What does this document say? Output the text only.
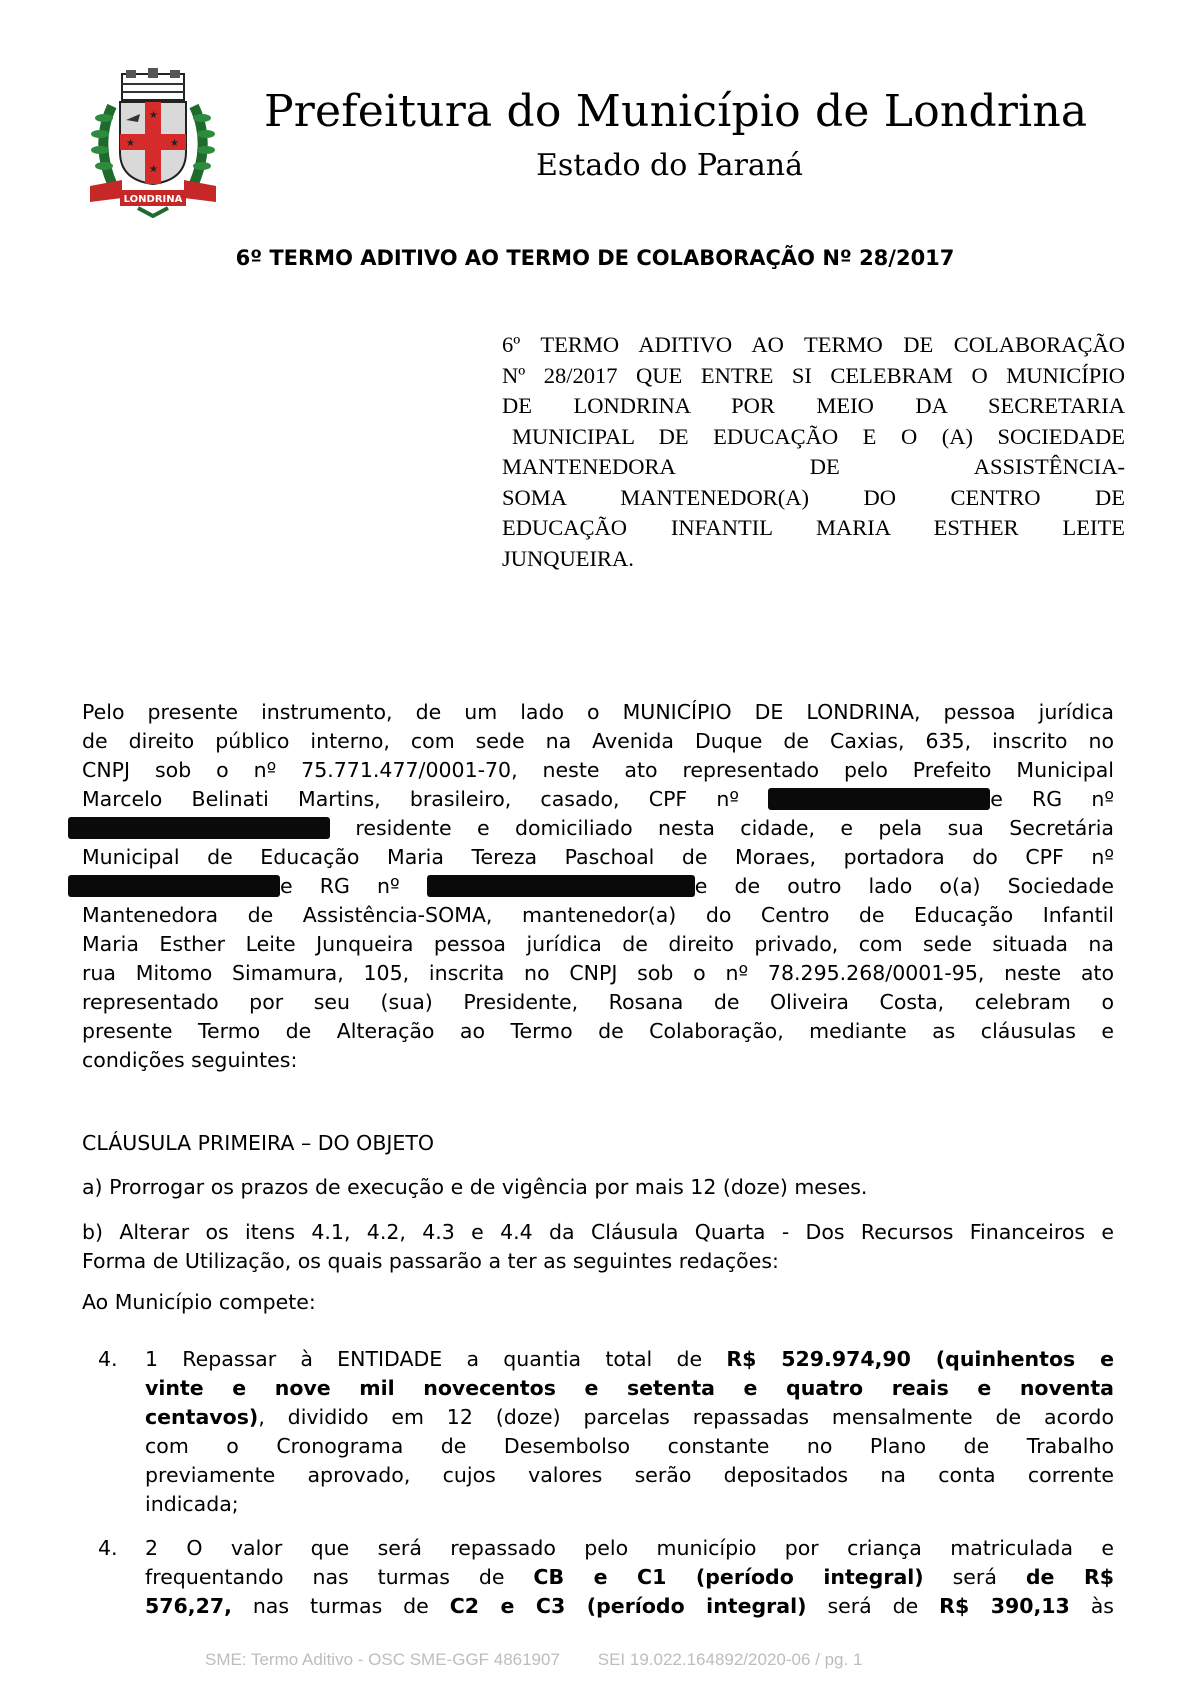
★
★	★
★
LONDRINA
Prefeitura do Município de Londrina
Estado do Paraná
6º TERMO ADITIVO AO TERMO DE COLABORAÇÃO Nº 28/2017
6º TERMO ADITIVO AO TERMO DE COLABORAÇÃO
Nº 28/2017 QUE ENTRE SI CELEBRAM O MUNICÍPIO
DE LONDRINA POR MEIO DA SECRETARIA
MUNICIPAL DE EDUCAÇÃO E O (A) SOCIEDADE
MANTENEDORA DE ASSISTÊNCIA-
SOMA MANTENEDOR(A) DO CENTRO DE
EDUCAÇÃO INFANTIL MARIA ESTHER LEITE
JUNQUEIRA.
Pelo presente instrumento, de um lado o MUNICÍPIO DE LONDRINA, pessoa jurídica
de direito público interno, com sede na Avenida Duque de Caxias, 635, inscrito no
CNPJ sob o nº 75.771.477/0001-70, neste ato representado pelo Prefeito Municipal
Marcelo Belinati Martins, brasileiro, casado, CPF nº	e RG nº
residente e domiciliado nesta cidade, e pela sua Secretária
Municipal de Educação Maria Tereza Paschoal de Moraes, portadora do CPF nº
e RG nº	e de outro lado o(a) Sociedade
Mantenedora de Assistência-SOMA, mantenedor(a) do Centro de Educação Infantil
Maria Esther Leite Junqueira pessoa jurídica de direito privado, com sede situada na
rua Mitomo Simamura, 105, inscrita no CNPJ sob o nº 78.295.268/0001-95, neste ato
representado por seu (sua) Presidente, Rosana de Oliveira Costa, celebram o
presente Termo de Alteração ao Termo de Colaboração, mediante as cláusulas e
condições seguintes:
CLÁUSULA PRIMEIRA – DO OBJETO
a) Prorrogar os prazos de execução e de vigência por mais 12 (doze) meses.
b) Alterar os itens 4.1, 4.2, 4.3 e 4.4 da Cláusula Quarta - Dos Recursos Financeiros e
Forma de Utilização, os quais passarão a ter as seguintes redações:
Ao Município compete:
4. 1 Repassar à ENTIDADE a quantia total de R$ 529.974,90 (quinhentos e
vinte e nove mil novecentos e setenta e quatro reais e noventa
centavos), dividido em 12 (doze) parcelas repassadas mensalmente de acordo
com o Cronograma de Desembolso constante no Plano de Trabalho
previamente aprovado, cujos valores serão depositados na conta corrente
indicada;
4. 2 O valor que será repassado pelo município por criança matriculada e
frequentando nas turmas de CB e C1 (período integral) será de R$
576,27, nas turmas de C2 e C3 (período integral) será de R$ 390,13 às
SME: Termo Aditivo - OSC SME-GGF 4861907 SEI 19.022.164892/2020-06 / pg. 1
